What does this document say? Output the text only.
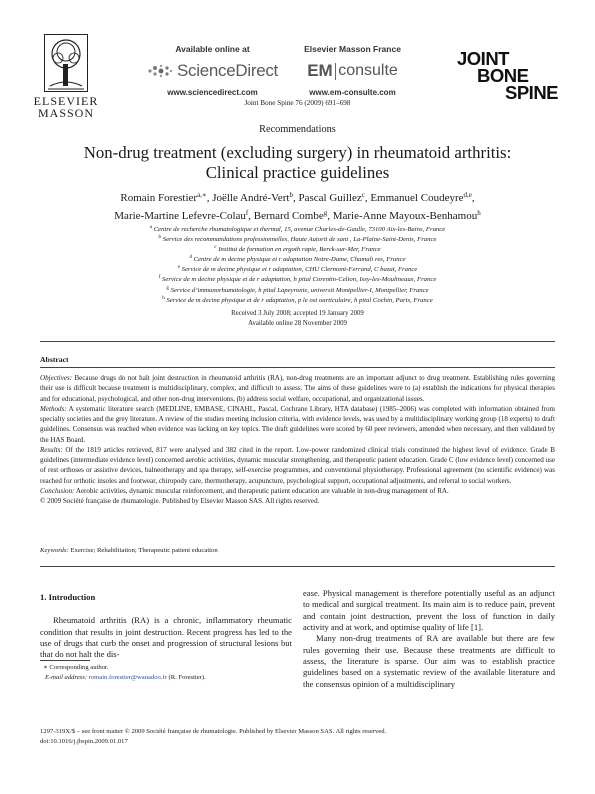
ELSEVIER
MASSON
Available online at
ScienceDirect
www.sciencedirect.com
Elsevier Masson France
EM consulte
www.em-consulte.com
JOINT
BONE
SPINE
Joint Bone Spine 76 (2009) 691–698
Recommendations
Non-drug treatment (excluding surgery) in rheumatoid arthritis:
Clinical practice guidelines
Romain Forestier$^{a,∗}$, Joëlle André-Vert$^b$, Pascal Guillez$^c$, Emmanuel Coudeyre$^{d,e}$,
Marie-Martine Lefevre-Colau$^f$, Bernard Combe$^g$, Marie-Anne Mayoux-Benhamou$^h$
$^a$ Centre de recherche rhumatologique et thermal, 15, avenue Charles-de-Gaulle, 73100 Aix-les-Bains, France
$^b$ Service des recommandations professionnelles, Haute Autorit de sant , La-Plaine-Saint-Denis, France
$^c$ Institut de formation en ergoth rapie, Berck-sur-Mer, France
$^d$ Centre de m decine physique et r adaptation Notre-Dame, Chamali res, France
$^e$ Service de m decine physique et r adaptation, CHU Clermont-Ferrand, C bazat, France
$^f$ Service de m decine physique et de r adaptation, h pital Corentin-Celton, Issy-les-Moulineaux, France
$^g$ Service d’immunorhumatologie, h pital Lapeyronie, universit Montpellier-I, Montpellier, France
$^h$ Service de m decine physique et de r adaptation, p le ost oarticulaire, h pital Cochin, Paris, France
Received 3 July 2008; accepted 19 January 2009
Available online 28 November 2009
Abstract

Objectives: Because drugs do not halt joint destruction in rheumatoid arthritis (RA), non-drug treatments are an important adjunct to drug treatment. Establishing rules governing their use is difficult because treatment is multidisciplinary, complex, and difficult to assess. The aims of these guidelines were to (a) establish the indications for physical therapies and for educational, psychological, and other non-drug interventions, (b) address social welfare, occupational, and organizational issues.

Methods: A systematic literature search (MEDLINE, EMBASE, CINAHL, Pascal, Cochrane Library, HTA database) (1985–2006) was completed with information obtained from specialty societies and the grey literature. A review of the studies meeting inclusion criteria, with evidence levels, was used by a multidisciplinary working group (18 experts) to draft guidelines. Consensus was reached when evidence was lacking on key topics. The draft guidelines were scored by 60 peer reviewers, amended when necessary, and then validated by the HAS Board.

Results: Of the 1819 articles retrieved, 817 were analysed and 382 cited in the report. Low-power randomized clinical trials constituted the highest level of evidence. Grade B guidelines (intermediate evidence level) concerned aerobic activities, dynamic muscular strengthening, and therapeutic patient education. Grade C (low evidence level) concerned use of rest orthoses or assistive devices, balneotherapy and spa therapy, self-exercise programmes, and conventional physiotherapy. Professional agreement (no scientific evidence) was reached for orthotic insoles and footwear, chiropody care, thermotherapy, acupuncture, psychological support, occupational adjustments, and referral to social workers.

Conclusion: Aerobic activities, dynamic muscular reinforcement, and therapeutic patient education are valuable in non-drug management of RA.

© 2009 Société française de rhumatologie. Published by Elsevier Masson SAS. All rights reserved.

Keywords: Exercise; Rehabilitation; Therapeutic patient education
1. Introduction

Rheumatoid arthritis (RA) is a chronic, inflammatory rheumatic condition that results in joint destruction. Recent progress has led to the use of drugs that curb the onset and progression of structural lesions but that do not halt the dis-

ease. Physical management is therefore potentially useful as an adjunct to medical and surgical treatment. Its main aim is to reduce pain, prevent and contain joint destruction, prevent the loss of function in daily activity and at work, and optimise quality of life [1].

Many non-drug treatments of RA are available but there are few rules governing their use. Because these treatments are difficult to assess, the literature is sparse. Our aim was to establish practice guidelines based on a systematic review of the available literature and the consensus opinion of a multidisciplinary

∗ Corresponding author.
E-mail address: romain.forestier@wanadoo.fr (R. Forestier).
1297-319X/$ – see front matter © 2009 Société française de rhumatologie. Published by Elsevier Masson SAS. All rights reserved.
doi:10.1016/j.jbspin.2009.01.017
